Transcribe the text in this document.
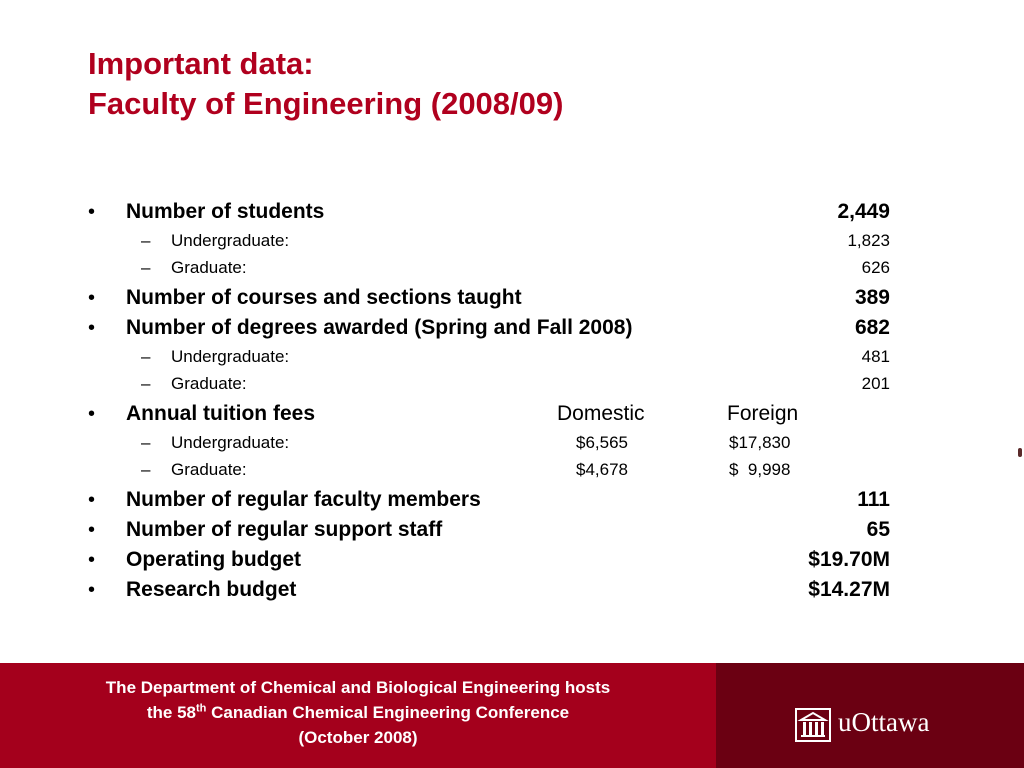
Important data:
Faculty of Engineering (2008/09)
• Number of students	2,449
– Undergraduate:	1,823
– Graduate:	626
• Number of courses and sections taught	389
• Number of degrees awarded (Spring and Fall 2008)	682
– Undergraduate:	481
– Graduate:	201
• Annual tuition fees	Domestic	Foreign
– Undergraduate:	$6,565	$17,830
– Graduate:	$4,678	$  9,998
• Number of regular faculty members	111
• Number of regular support staff	65
• Operating budget	$19.70M
• Research budget	$14.27M
The Department of Chemical and Biological Engineering hosts
the 58th Canadian Chemical Engineering Conference
(October 2008)
uOttawa
